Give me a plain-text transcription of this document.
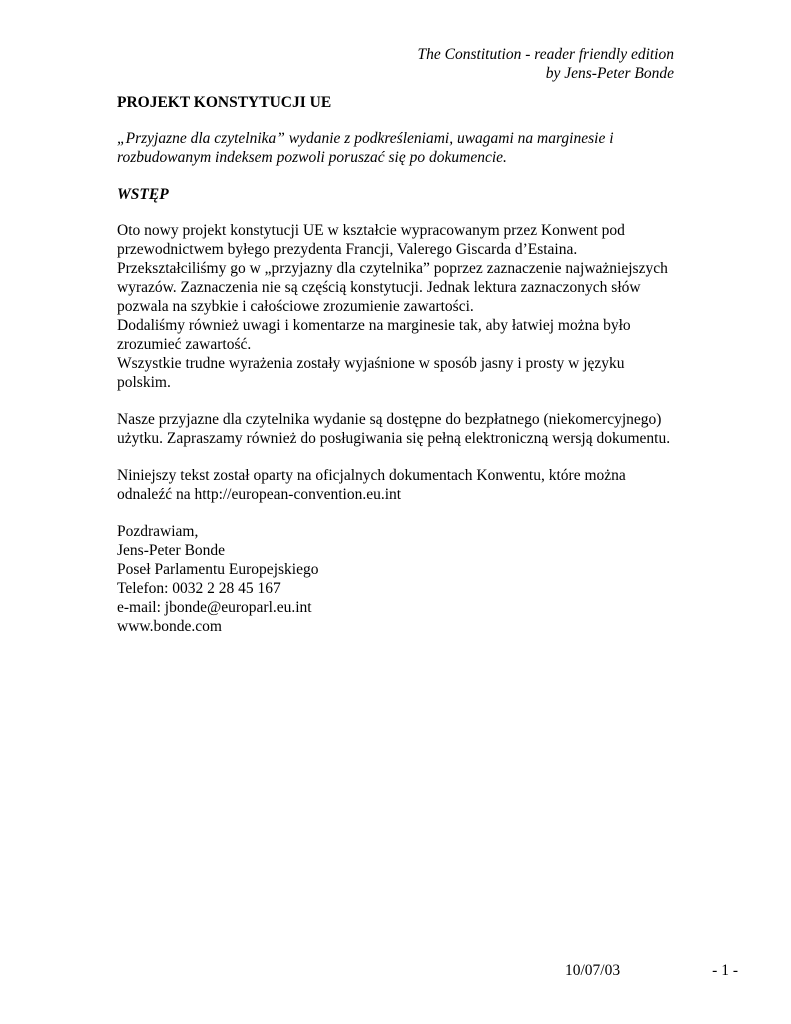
The Constitution - reader friendly edition
by Jens-Peter Bonde
PROJEKT KONSTYTUCJI UE
„Przyjazne dla czytelnika” wydanie z podkreśleniami, uwagami na marginesie i
rozbudowanym indeksem pozwoli poruszać się po dokumencie.
WSTĘP
Oto nowy projekt konstytucji UE w kształcie wypracowanym przez Konwent pod
przewodnictwem byłego prezydenta Francji, Valerego Giscarda d’Estaina.
Przekształciliśmy go w „przyjazny dla czytelnika” poprzez zaznaczenie najważniejszych
wyrazów. Zaznaczenia nie są częścią konstytucji. Jednak lektura zaznaczonych słów
pozwala na szybkie i całościowe zrozumienie zawartości.
Dodaliśmy również uwagi i komentarze na marginesie tak, aby łatwiej można było
zrozumieć zawartość.
Wszystkie trudne wyrażenia zostały wyjaśnione w sposób jasny i prosty w języku
polskim.
Nasze przyjazne dla czytelnika wydanie są dostępne do bezpłatnego (niekomercyjnego)
użytku. Zapraszamy również do posługiwania się pełną elektroniczną wersją dokumentu.
Niniejszy tekst został oparty na oficjalnych dokumentach Konwentu, które można
odnaleźć na http://european-convention.eu.int
Pozdrawiam,
Jens-Peter Bonde
Poseł Parlamentu Europejskiego
Telefon: 0032 2 28 45 167
e-mail: jbonde@europarl.eu.int
www.bonde.com
10/07/03	- 1 -
